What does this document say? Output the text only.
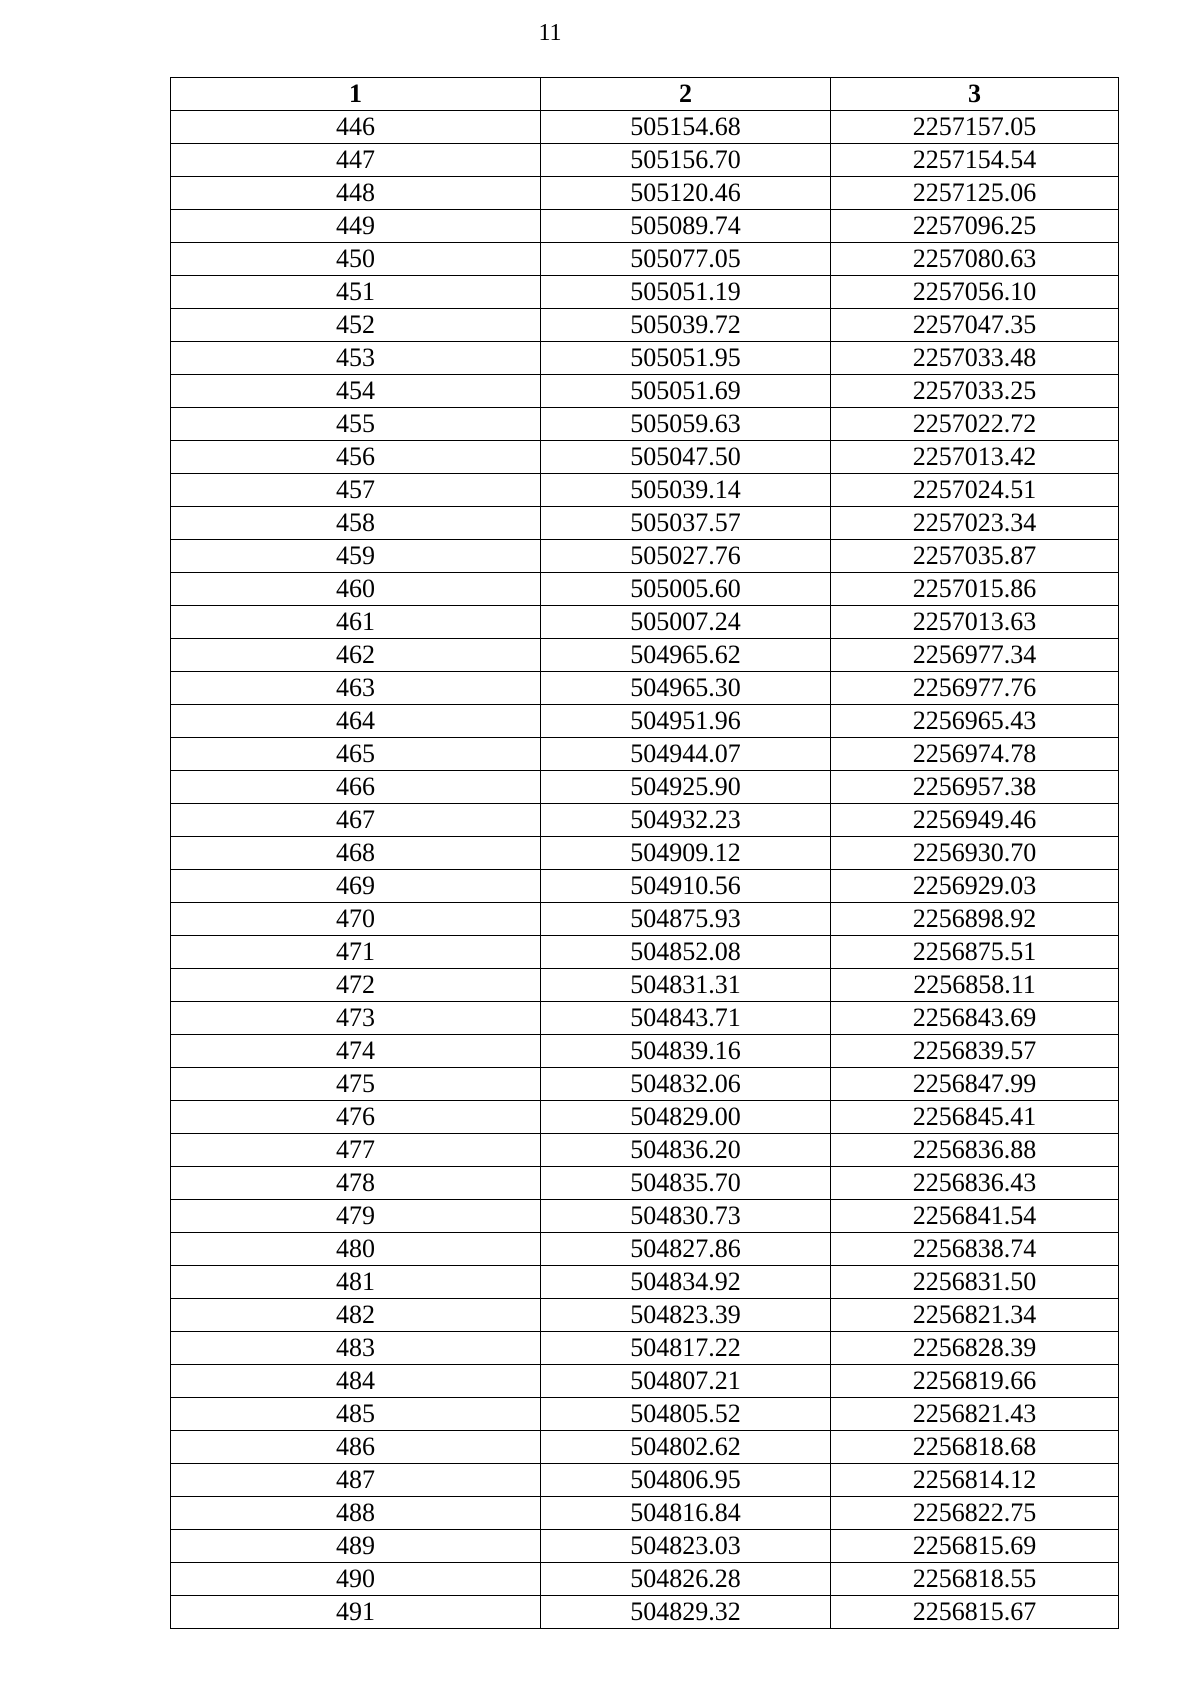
11
1	2	3
446	505154.68	2257157.05
447	505156.70	2257154.54
448	505120.46	2257125.06
449	505089.74	2257096.25
450	505077.05	2257080.63
451	505051.19	2257056.10
452	505039.72	2257047.35
453	505051.95	2257033.48
454	505051.69	2257033.25
455	505059.63	2257022.72
456	505047.50	2257013.42
457	505039.14	2257024.51
458	505037.57	2257023.34
459	505027.76	2257035.87
460	505005.60	2257015.86
461	505007.24	2257013.63
462	504965.62	2256977.34
463	504965.30	2256977.76
464	504951.96	2256965.43
465	504944.07	2256974.78
466	504925.90	2256957.38
467	504932.23	2256949.46
468	504909.12	2256930.70
469	504910.56	2256929.03
470	504875.93	2256898.92
471	504852.08	2256875.51
472	504831.31	2256858.11
473	504843.71	2256843.69
474	504839.16	2256839.57
475	504832.06	2256847.99
476	504829.00	2256845.41
477	504836.20	2256836.88
478	504835.70	2256836.43
479	504830.73	2256841.54
480	504827.86	2256838.74
481	504834.92	2256831.50
482	504823.39	2256821.34
483	504817.22	2256828.39
484	504807.21	2256819.66
485	504805.52	2256821.43
486	504802.62	2256818.68
487	504806.95	2256814.12
488	504816.84	2256822.75
489	504823.03	2256815.69
490	504826.28	2256818.55
491	504829.32	2256815.67
